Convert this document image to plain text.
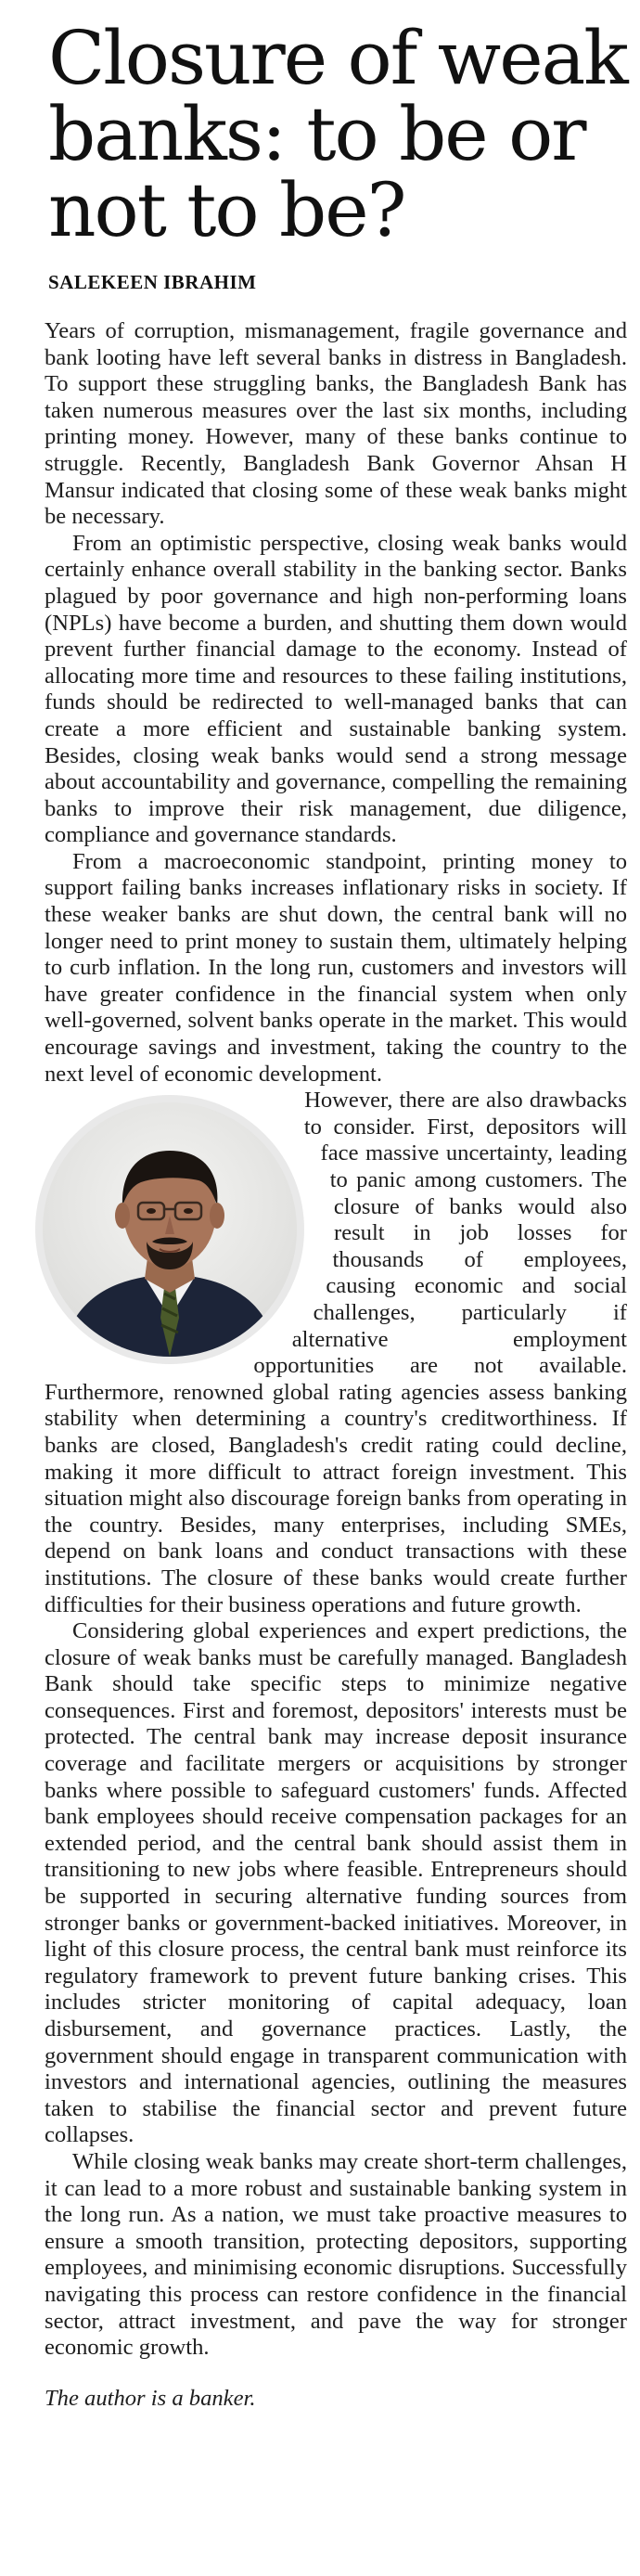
Closure of weak banks: to be or not to be?
SALEKEEN IBRAHIM

Years of corruption, mismanagement, fragile governance and bank looting have left several banks in distress in Bangladesh. To support these struggling banks, the Bangladesh Bank has taken numerous measures over the last six months, including printing money. However, many of these banks continue to struggle. Recently, Bangladesh Bank Governor Ahsan H Mansur indicated that closing some of these weak banks might be necessary.

From an optimistic perspective, closing weak banks would certainly enhance overall stability in the banking sector. Banks plagued by poor governance and high non-performing loans (NPLs) have become a burden, and shutting them down would prevent further financial damage to the economy. Instead of allocating more time and resources to these failing institutions, funds should be redirected to well-managed banks that can create a more efficient and sustainable banking system. Besides, closing weak banks would send a strong message about accountability and governance, compelling the remaining banks to improve their risk management, due diligence, compliance and governance standards.

From a macroeconomic standpoint, printing money to support failing banks increases inflationary risks in society. If these weaker banks are shut down, the central bank will no longer need to print money to sustain them, ultimately helping to curb inflation. In the long run, customers and investors will have greater confidence in the financial system when only well-governed, solvent banks operate in the market. This would encourage savings and investment, taking the country to the next level of economic development.

However, there are also drawbacks to consider. First, depositors will face massive uncertainty, leading to panic among customers. The closure of banks would also result in job losses for thousands of employees, causing economic and social challenges, particularly if alternative employment opportunities are not available. Furthermore, renowned global rating agencies assess banking stability when determining a country's creditworthiness. If banks are closed, Bangladesh's credit rating could decline, making it more difficult to attract foreign investment. This situation might also discourage foreign banks from operating in the country. Besides, many enterprises, including SMEs, depend on bank loans and conduct transactions with these institutions. The closure of these banks would create further difficulties for their business operations and future growth.

Considering global experiences and expert predictions, the closure of weak banks must be carefully managed. Bangladesh Bank should take specific steps to minimize negative consequences. First and foremost, depositors' interests must be protected. The central bank may increase deposit insurance coverage and facilitate mergers or acquisitions by stronger banks where possible to safeguard customers' funds. Affected bank employees should receive compensation packages for an extended period, and the central bank should assist them in transitioning to new jobs where feasible. Entrepreneurs should be supported in securing alternative funding sources from stronger banks or government-backed initiatives. Moreover, in light of this closure process, the central bank must reinforce its regulatory framework to prevent future banking crises. This includes stricter monitoring of capital adequacy, loan disbursement, and governance practices. Lastly, the government should engage in transparent communication with investors and international agencies, outlining the measures taken to stabilise the financial sector and prevent future collapses.

While closing weak banks may create short-term challenges, it can lead to a more robust and sustainable banking system in the long run. As a nation, we must take proactive measures to ensure a smooth transition, protecting depositors, supporting employees, and minimising economic disruptions. Successfully navigating this process can restore confidence in the financial sector, attract investment, and pave the way for stronger economic growth.

The author is a banker.
